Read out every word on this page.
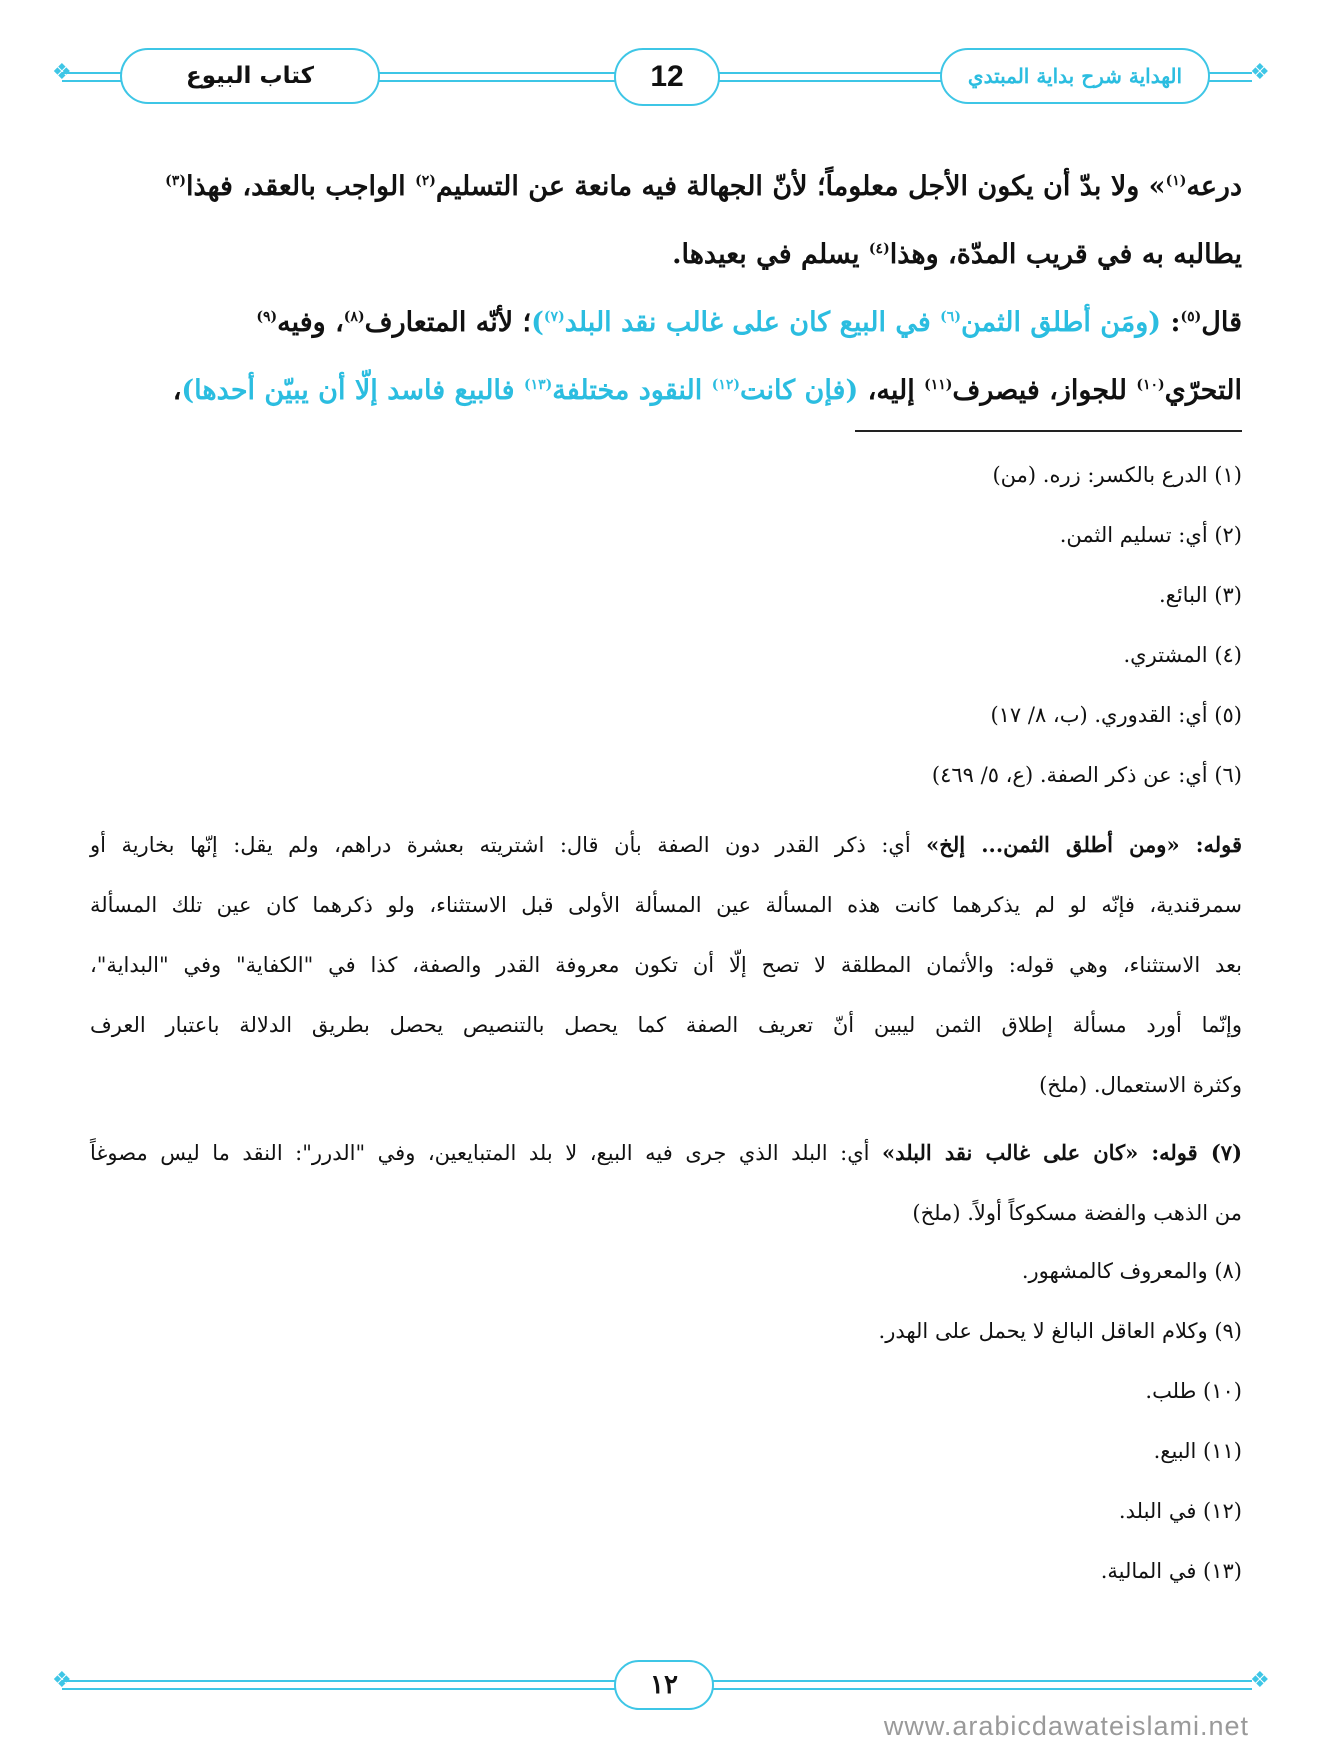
❖	❖
كتاب البيوع	12	الهداية شرح بداية المبتدي

درعه$^{(١)}$» ولا بدّ أن يكون الأجل معلوماً؛ لأنّ الجهالة فيه مانعة عن التسليم$^{(٢)}$ الواجب بالعقد، فهذا$^{(٣)}$

يطالبه به في قريب المدّة، وهذا$^{(٤)}$ يسلم في بعيدها.

قال$^{(٥)}$: (ومَن أطلق الثمن$^{(٦)}$ في البيع كان على غالب نقد البلد$^{(٧)}$)؛ لأنّه المتعارف$^{(٨)}$، وفيه$^{(٩)}$

التحرّي$^{(١٠)}$ للجواز، فيصرف$^{(١١)}$ إليه، (فإن كانت$^{(١٢)}$ النقود مختلفة$^{(١٣)}$ فالبيع فاسد إلّا أن يبيّن أحدها)،

(١) الدرع بالكسر: زره. (من)

(٢) أي: تسليم الثمن.

(٣) البائع.

(٤) المشتري.

(٥) أي: القدوري. (ب، ٨/ ١٧)

(٦) أي: عن ذكر الصفة. (ع، ٥/ ٤٦٩)

قوله: «ومن أطلق الثمن... إلخ» أي: ذكر القدر دون الصفة بأن قال: اشتريته بعشرة دراهم، ولم يقل: إنّها بخارية أو
سمرقندية، فإنّه لو لم يذكرهما كانت هذه المسألة عين المسألة الأولى قبل الاستثناء، ولو ذكرهما كان عين تلك المسألة
بعد الاستثناء، وهي قوله: والأثمان المطلقة لا تصح إلّا أن تكون معروفة القدر والصفة، كذا في "الكفاية" وفي "البداية"،
وإنّما أورد مسألة إطلاق الثمن ليبين أنّ تعريف الصفة كما يحصل بالتنصيص يحصل بطريق الدلالة باعتبار العرف
وكثرة الاستعمال. (ملخ)
(٧) قوله: «كان على غالب نقد البلد» أي: البلد الذي جرى فيه البيع، لا بلد المتبايعين، وفي "الدرر": النقد ما ليس مصوغاً
من الذهب والفضة مسكوكاً أولاً. (ملخ)

(٨) والمعروف كالمشهور.

(٩) وكلام العاقل البالغ لا يحمل على الهدر.

(١٠) طلب.

(١١) البيع.

(١٢) في البلد.

(١٣) في المالية.

❖	❖
١٢
www.arabicdawateislami.net
